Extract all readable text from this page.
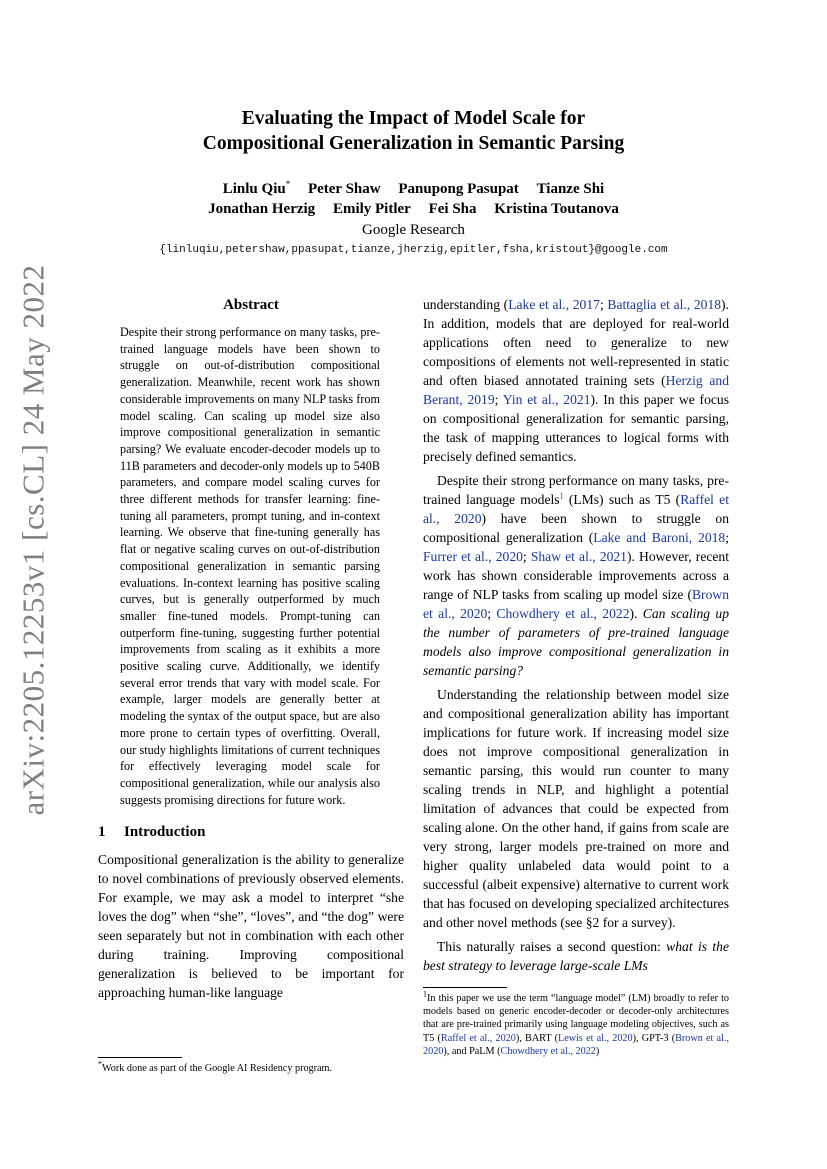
arXiv:2205.12253v1 [cs.CL] 24 May 2022
Evaluating the Impact of Model Scale for
Compositional Generalization in Semantic Parsing
Linlu Qiu* Peter Shaw Panupong Pasupat Tianze Shi
Jonathan Herzig Emily Pitler Fei Sha Kristina Toutanova
Google Research
{linluqiu,petershaw,ppasupat,tianze,jherzig,epitler,fsha,kristout}@google.com
Abstract

Despite their strong performance on many tasks, pre-trained language models have been shown to struggle on out-of-distribution compositional generalization. Meanwhile, recent work has shown considerable improvements on many NLP tasks from model scaling. Can scaling up model size also improve compositional generalization in semantic parsing? We evaluate encoder-decoder models up to 11B parameters and decoder-only models up to 540B parameters, and compare model scaling curves for three different methods for transfer learning: fine-tuning all parameters, prompt tuning, and in-context learning. We observe that fine-tuning generally has flat or negative scaling curves on out-of-distribution compositional generalization in semantic parsing evaluations. In-context learning has positive scaling curves, but is generally outperformed by much smaller fine-tuned models. Prompt-tuning can outperform fine-tuning, suggesting further potential improvements from scaling as it exhibits a more positive scaling curve. Additionally, we identify several error trends that vary with model scale. For example, larger models are generally better at modeling the syntax of the output space, but are also more prone to certain types of overfitting. Overall, our study highlights limitations of current techniques for effectively leveraging model scale for compositional generalization, while our analysis also suggests promising directions for future work.

1 Introduction

Compositional generalization is the ability to generalize to novel combinations of previously observed elements. For example, we may ask a model to interpret “she loves the dog” when “she”, “loves”, and “the dog” were seen separately but not in combination with each other during training. Improving compositional generalization is believed to be important for approaching human-like language

*Work done as part of the Google AI Residency program.

understanding (Lake et al., 2017; Battaglia et al., 2018). In addition, models that are deployed for real-world applications often need to generalize to new compositions of elements not well-represented in static and often biased annotated training sets (Herzig and Berant, 2019; Yin et al., 2021). In this paper we focus on compositional generalization for semantic parsing, the task of mapping utterances to logical forms with precisely defined semantics.

Despite their strong performance on many tasks, pre-trained language models$^1$ (LMs) such as T5 (Raffel et al., 2020) have been shown to struggle on compositional generalization (Lake and Baroni, 2018; Furrer et al., 2020; Shaw et al., 2021). However, recent work has shown considerable improvements across a range of NLP tasks from scaling up model size (Brown et al., 2020; Chowdhery et al., 2022). Can scaling up the number of parameters of pre-trained language models also improve compositional generalization in semantic parsing?

Understanding the relationship between model size and compositional generalization ability has important implications for future work. If increasing model size does not improve compositional generalization in semantic parsing, this would run counter to many scaling trends in NLP, and highlight a potential limitation of advances that could be expected from scaling alone. On the other hand, if gains from scale are very strong, larger models pre-trained on more and higher quality unlabeled data would point to a successful (albeit expensive) alternative to current work that has focused on developing specialized architectures and other novel methods (see §2 for a survey).

This naturally raises a second question: what is the best strategy to leverage large-scale LMs

$^1$In this paper we use the term “language model” (LM) broadly to refer to models based on generic encoder-decoder or decoder-only architectures that are pre-trained primarily using language modeling objectives, such as T5 (Raffel et al., 2020), BART (Lewis et al., 2020), GPT-3 (Brown et al., 2020), and PaLM (Chowdhery et al., 2022)
